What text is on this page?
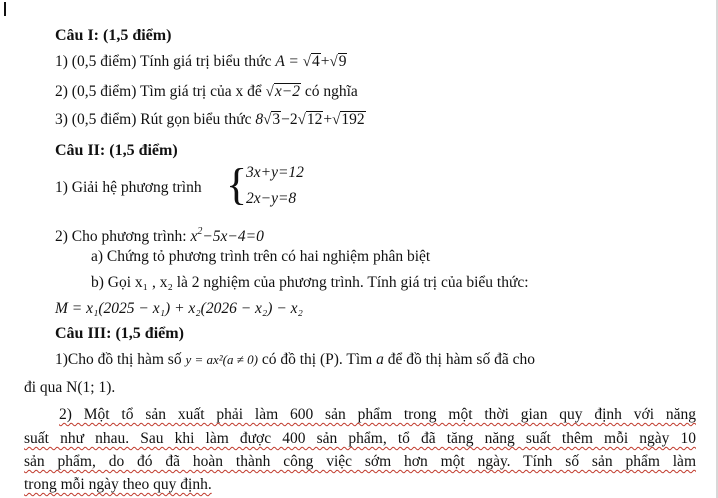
Câu I: (1,5 điểm)
1) (0,5 điểm) Tính giá trị biểu thức A = √4+√9
2) (0,5 điểm) Tìm giá trị của x để √x−2 có nghĩa
3) (0,5 điểm) Rút gọn biểu thức 8√3−2√12+√192
Câu II: (1,5 điểm)
1) Giải hệ phương trình {
3x+y=12
2x−y=8
2) Cho phương trình: $x^2-5x-4=0$
a) Chứng tỏ phương trình trên có hai nghiệm phân biệt
b) Gọi x₁ , x₂ là 2 nghiệm của phương trình. Tính giá trị của biểu thức:
M = x₁(2025 − x₁) + x₂(2026 − x₂) − x₂
Câu III: (1,5 điểm)
1)Cho đồ thị hàm số y = ax²(a ≠ 0) có đồ thị (P). Tìm a để đồ thị hàm số đã cho
đi qua N(1; 1).
2) Một tổ sản xuất phải làm 600 sản phẩm trong một thời gian quy định với năng
suất như nhau. Sau khi làm được 400 sản phẩm, tổ đã tăng năng suất thêm mỗi ngày 10
sản phẩm, do đó đã hoàn thành công việc sớm hơn một ngày. Tính số sản phẩm làm
trong mỗi ngày theo quy định.
